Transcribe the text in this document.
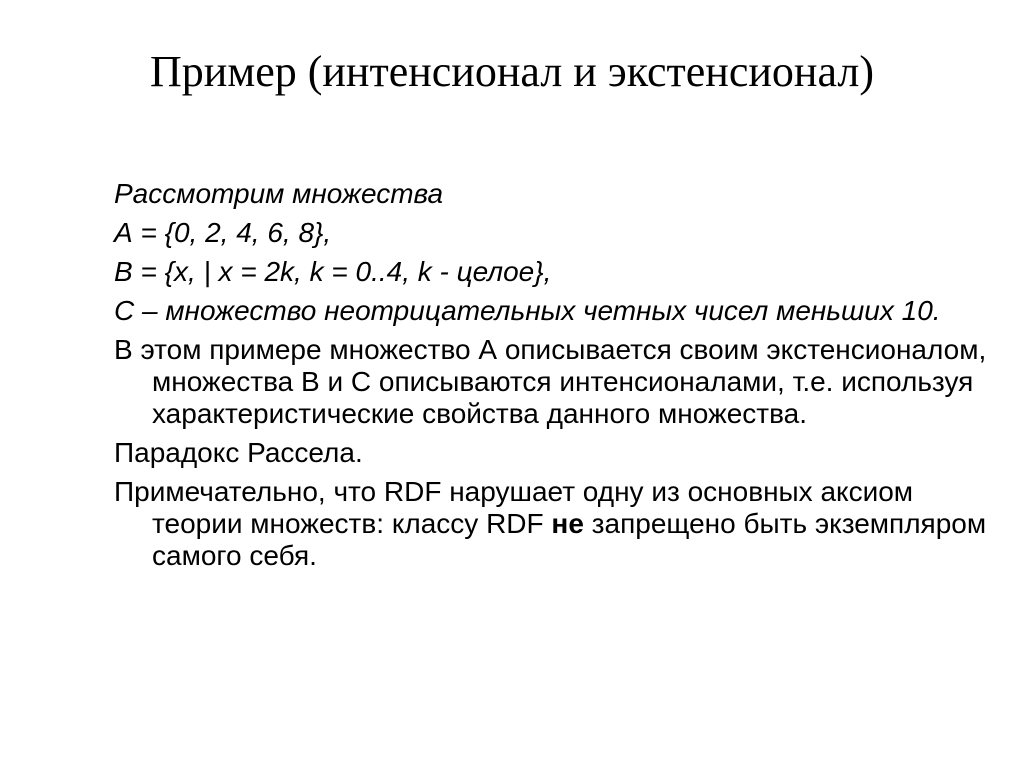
Пример (интенсионал и экстенсионал)

Рассмотрим множества

А = {0, 2, 4, 6, 8},

В = {х, | х = 2k, k = 0..4, k - целое},

С – множество неотрицательных четных чисел меньших 10.

В этом примере множество А описывается своим экстенсионалом, множества В и С описываются интенсионалами, т.е. используя характеристические свойства данного множества.

Парадокс Рассела.

Примечательно, что RDF нарушает одну из основных аксиом теории множеств: классу RDF не запрещено быть экземпляром самого себя.
